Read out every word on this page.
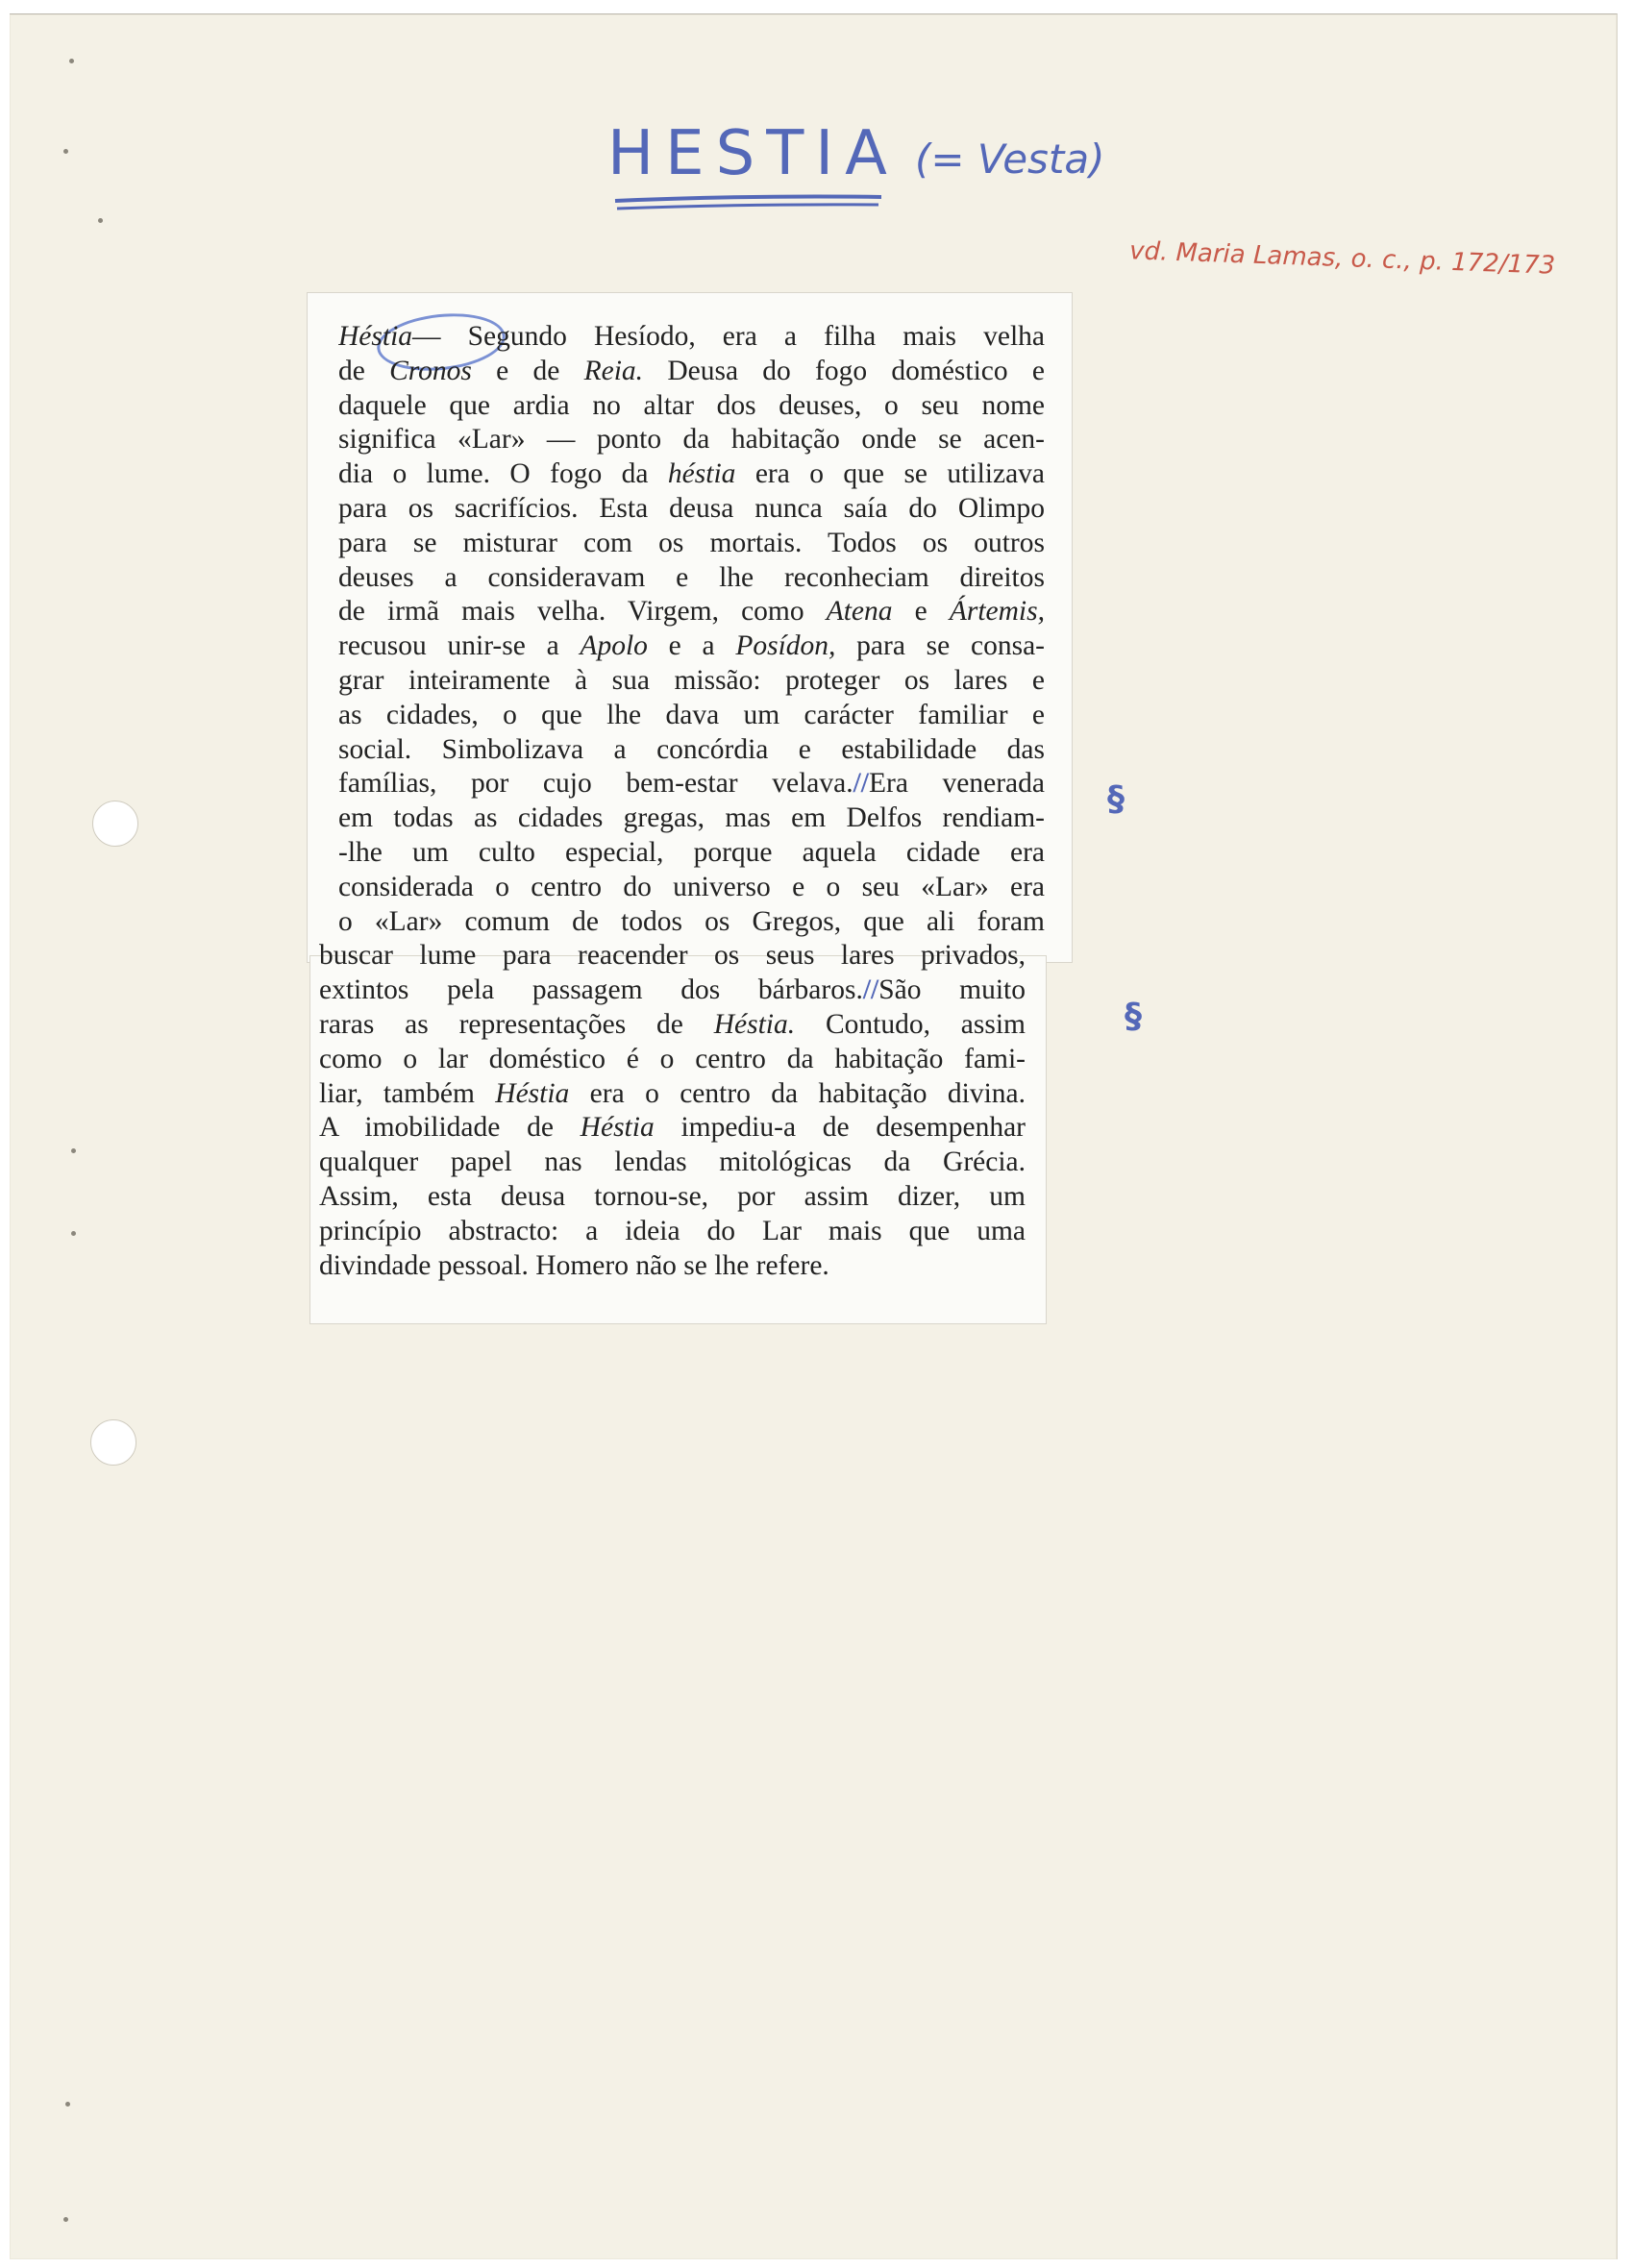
HESTIA (= Vesta)
vd. Maria Lamas, o. c., p. 172/173
Héstia— Segundo Hesíodo, era a filha mais velha
de Cronos e de Reia. Deusa do fogo doméstico e
daquele que ardia no altar dos deuses, o seu nome
significa «Lar» — ponto da habitação onde se acen-
dia o lume. O fogo da héstia era o que se utilizava
para os sacrifícios. Esta deusa nunca saía do Olimpo
para se misturar com os mortais. Todos os outros
deuses a consideravam e lhe reconheciam direitos
de irmã mais velha. Virgem, como Atena e Ártemis,
recusou unir-se a Apolo e a Posídon, para se consa-
grar inteiramente à sua missão: proteger os lares e
as cidades, o que lhe dava um carácter familiar e
social. Simbolizava a concórdia e estabilidade das
famílias, por cujo bem-estar velava.//Era venerada
em todas as cidades gregas, mas em Delfos rendiam-
-lhe um culto especial, porque aquela cidade era
considerada o centro do universo e o seu «Lar» era
o «Lar» comum de todos os Gregos, que ali foram
buscar lume para reacender os seus lares privados,
extintos pela passagem dos bárbaros.//São muito
raras as representações de Héstia. Contudo, assim
como o lar doméstico é o centro da habitação fami-
liar, também Héstia era o centro da habitação divina.
A imobilidade de Héstia impediu-a de desempenhar
qualquer papel nas lendas mitológicas da Grécia.
Assim, esta deusa tornou-se, por assim dizer, um
princípio abstracto: a ideia do Lar mais que uma
divindade pessoal. Homero não se lhe refere.
§
§
